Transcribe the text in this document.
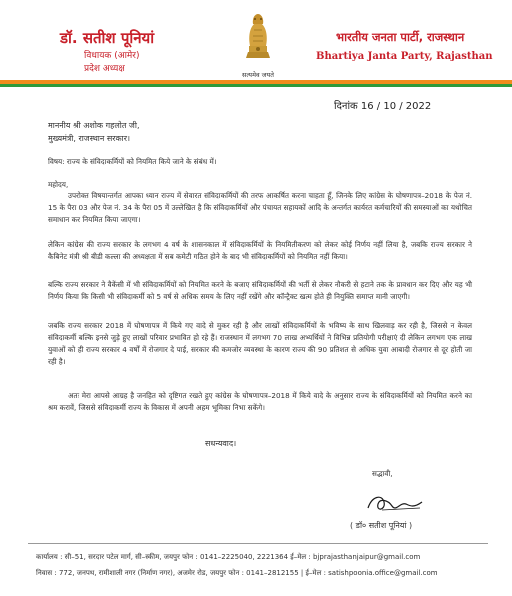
डॉ. सतीश पूनियां
विधायक (आमेर)
प्रदेश अध्यक्ष
सत्यमेव जयते
भारतीय जनता पार्टी, राजस्थान
Bhartiya Janta Party, Rajasthan
दिनांक 16 / 10 / 2022
माननीय श्री अशोक गहलोत जी,
मुख्यमंत्री, राजस्थान सरकार।
विषय: राज्य के संविदाकर्मियों को नियमित किये जाने के संबंध में।
महोदय,
उपरोक्त विषयान्तर्गत आपका ध्यान राज्य में सेवारत संविदाकर्मियों की तरफ आकर्षित करना चाहता हूँ, जिनके लिए कांग्रेस के घोषणापत्र–2018 के पेज नं. 15 के पैरा 03 और पेज नं. 34 के पैरा 05 में उल्लेखित है कि संविदाकर्मियों और पंचायत सहायकों आदि के अन्तर्गत कार्यरत कर्मचारियों की समस्याओं का यथोचित समाधान कर नियमित किया जाएगा।
लेकिन कांग्रेस की राज्य सरकार के लगभग 4 वर्ष के शासनकाल में संविदाकर्मियों के नियमितीकरण को लेकर कोई निर्णय नहीं लिया है, जबकि राज्य सरकार ने कैबिनेट मंत्री श्री बीडी कल्ला की अध्यक्षता में सब कमेटी गठित होने के बाद भी संविदाकर्मियों को नियमित नहीं किया।
बल्कि राज्य सरकार ने वैकेंसी में भी संविदाकर्मियों को नियमित करने के बजाए संविदाकर्मियों की भर्ती से लेकर नौकरी से हटाने तक के प्रावधान कर दिए और यह भी निर्णय किया कि किसी भी संविदाकर्मी को 5 वर्ष से अधिक समय के लिए नहीं रखेंगे और कॉन्ट्रैक्ट खत्म होते ही नियुक्ति समाप्त मानी जाएगी।
जबकि राज्य सरकार 2018 में घोषणापत्र में किये गए वादे से मुकर रही है और लाखों संविदाकर्मियों के भविष्य के साथ खिलवाड़ कर रही है, जिससे न केवल संविदाकर्मी बल्कि इनसे जुड़े हुए लाखों परिवार प्रभावित हो रहे हैं। राजस्थान में लगभग 70 लाख अभ्यर्थियों ने विभिन्न प्रतियोगी परीक्षाएं दी लेकिन लगभग एक लाख युवाओं को ही राज्य सरकार 4 वर्षों में रोजगार दे पाई, सरकार की कमजोर व्यवस्था के कारण राज्य की 90 प्रतिशत से अधिक युवा आबादी रोजगार से दूर होती जा रही है।
अतः मेरा आपसे आग्रह है जनहित को दृष्टिगत रखते हुए कांग्रेस के घोषणापत्र–2018 में किये वादे के अनुसार राज्य के संविदाकर्मियों को नियमित करने का श्रम करावें, जिससे संविदाकर्मी राज्य के विकास में अपनी अहम भूमिका निभा सकेंगे।
सधन्यवाद।
सद्भावी,
( डॉ० सतीश पूनियां )
कार्यालय : सी–51, सरदार पटेल मार्ग, सी–स्कीम, जयपुर फोन : 0141–2225040, 2221364 ई–मेल : bjprajasthanjaipur@gmail.com
निवास : 772, जनपथ, रामीशाली नगर (निर्माण नगर), अजमेर रोड, जयपुर फोन : 0141–2812155 | ई–मेल : satishpoonia.office@gmail.com
